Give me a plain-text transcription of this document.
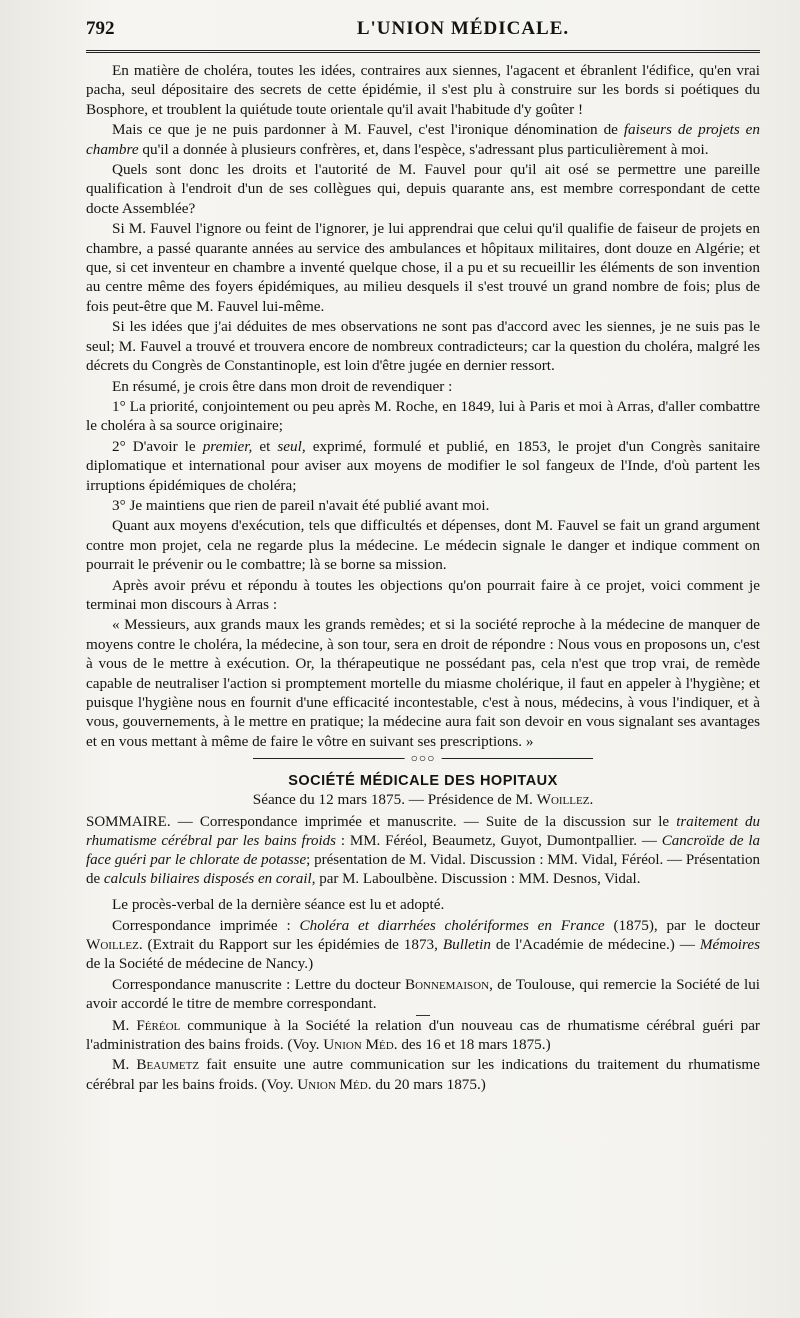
792	L'UNION MÉDICALE.

En matière de choléra, toutes les idées, contraires aux siennes, l'agacent et ébranlent l'édifice, qu'en vrai pacha, seul dépositaire des secrets de cette épidémie, il s'est plu à construire sur les bords si poétiques du Bosphore, et troublent la quiétude toute orientale qu'il avait l'habitude d'y goûter !

Mais ce que je ne puis pardonner à M. Fauvel, c'est l'ironique dénomination de faiseurs de projets en chambre qu'il a donnée à plusieurs confrères, et, dans l'espèce, s'adressant plus particulièrement à moi.

Quels sont donc les droits et l'autorité de M. Fauvel pour qu'il ait osé se permettre une pareille qualification à l'endroit d'un de ses collègues qui, depuis quarante ans, est membre correspondant de cette docte Assemblée?

Si M. Fauvel l'ignore ou feint de l'ignorer, je lui apprendrai que celui qu'il qualifie de faiseur de projets en chambre, a passé quarante années au service des ambulances et hôpitaux militaires, dont douze en Algérie; et que, si cet inventeur en chambre a inventé quelque chose, il a pu et su recueillir les éléments de son invention au centre même des foyers épidémiques, au milieu desquels il s'est trouvé un grand nombre de fois; plus de fois peut-être que M. Fauvel lui-même.

Si les idées que j'ai déduites de mes observations ne sont pas d'accord avec les siennes, je ne suis pas le seul; M. Fauvel a trouvé et trouvera encore de nombreux contradicteurs; car la question du choléra, malgré les décrets du Congrès de Constantinople, est loin d'être jugée en dernier ressort.

En résumé, je crois être dans mon droit de revendiquer :

1° La priorité, conjointement ou peu après M. Roche, en 1849, lui à Paris et moi à Arras, d'aller combattre le choléra à sa source originaire;

2° D'avoir le premier, et seul, exprimé, formulé et publié, en 1853, le projet d'un Congrès sanitaire diplomatique et international pour aviser aux moyens de modifier le sol fangeux de l'Inde, d'où partent les irruptions épidémiques de choléra;

3° Je maintiens que rien de pareil n'avait été publié avant moi.

Quant aux moyens d'exécution, tels que difficultés et dépenses, dont M. Fauvel se fait un grand argument contre mon projet, cela ne regarde plus la médecine. Le médecin signale le danger et indique comment on pourrait le prévenir ou le combattre; là se borne sa mission.

Après avoir prévu et répondu à toutes les objections qu'on pourrait faire à ce projet, voici comment je terminai mon discours à Arras :

« Messieurs, aux grands maux les grands remèdes; et si la société reproche à la médecine de manquer de moyens contre le choléra, la médecine, à son tour, sera en droit de répondre : Nous vous en proposons un, c'est à vous de le mettre à exécution. Or, la thérapeutique ne possédant pas, cela n'est que trop vrai, de remède capable de neutraliser l'action si promptement mortelle du miasme cholérique, il faut en appeler à l'hygiène; et puisque l'hygiène nous en fournit d'une efficacité incontestable, c'est à nous, médecins, à vous l'indiquer, et à vous, gouvernements, à le mettre en pratique; la médecine aura fait son devoir en vous signalant ses avantages et en vous mettant à même de faire le vôtre en suivant ses prescriptions. »

○○○
SOCIÉTÉ MÉDICALE DES HOPITAUX
Séance du 12 mars 1875. — Présidence de M. Woillez.
SOMMAIRE. — Correspondance imprimée et manuscrite. — Suite de la discussion sur le traitement du rhumatisme cérébral par les bains froids : MM. Féréol, Beaumetz, Guyot, Dumontpallier. — Cancroïde de la face guéri par le chlorate de potasse; présentation de M. Vidal. Discussion : MM. Vidal, Féréol. — Présentation de calculs biliaires disposés en corail, par M. Laboulbène. Discussion : MM. Desnos, Vidal.

Le procès-verbal de la dernière séance est lu et adopté.

Correspondance imprimée : Choléra et diarrhées cholériformes en France (1875), par le docteur Woillez. (Extrait du Rapport sur les épidémies de 1873, Bulletin de l'Académie de médecine.) — Mémoires de la Société de médecine de Nancy.)

Correspondance manuscrite : Lettre du docteur Bonnemaison, de Toulouse, qui remercie la Société de lui avoir accordé le titre de membre correspondant.

M. Féréol communique à la Société la relation d'un nouveau cas de rhumatisme cérébral guéri par l'administration des bains froids. (Voy. Union Méd. des 16 et 18 mars 1875.)

M. Beaumetz fait ensuite une autre communication sur les indications du traitement du rhumatisme cérébral par les bains froids. (Voy. Union Méd. du 20 mars 1875.)
